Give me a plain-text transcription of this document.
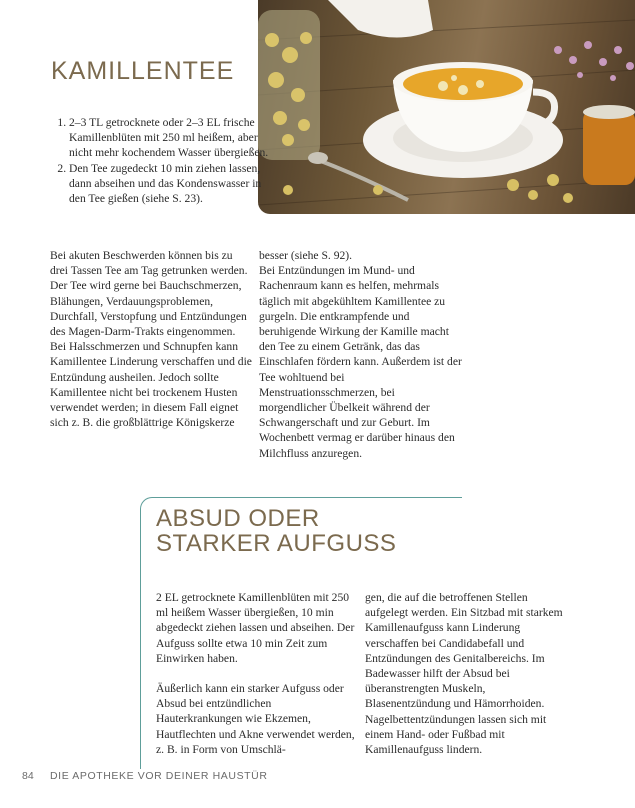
KAMILLENTEE
1. 2–3 TL getrocknete oder 2–3 EL frische Kamillenblüten mit 250 ml heißem, aber nicht mehr kochendem Wasser übergießen.
2. Den Tee zugedeckt 10 min ziehen lassen, dann abseihen und das Kondenswasser in den Tee gießen (siehe S. 23).

Bei akuten Beschwerden können bis zu drei Tassen Tee am Tag getrunken werden. Der Tee wird gerne bei Bauchschmerzen, Blähungen, Verdauungsproblemen, Durchfall, Verstopfung und Entzündungen des Magen-Darm-Trakts eingenommen. Bei Halsschmerzen und Schnupfen kann Kamillentee Linderung verschaffen und die Entzündung ausheilen. Jedoch sollte Kamillentee nicht bei trockenem Husten verwendet werden; in diesem Fall eignet sich z. B. die großblättrige Königskerze

besser (siehe S. 92).

Bei Entzündungen im Mund- und Rachenraum kann es helfen, mehrmals täglich mit abgekühltem Kamillentee zu gurgeln. Die entkrampfende und beruhigende Wirkung der Kamille macht den Tee zu einem Getränk, das das Einschlafen fördern kann. Außerdem ist der Tee wohltuend bei Menstruationsschmerzen, bei morgendlicher Übelkeit während der Schwangerschaft und zur Geburt. Im Wochenbett vermag er darüber hinaus den Milchfluss anzuregen.

ABSUD ODER
STARKER AUFGUSS

2 EL getrocknete Kamillenblüten mit 250 ml heißem Wasser übergießen, 10 min abgedeckt ziehen lassen und abseihen. Der Aufguss sollte etwa 10 min Zeit zum Einwirken haben.

Äußerlich kann ein starker Aufguss oder Absud bei entzündlichen Hauterkrankungen wie Ekzemen, Hautflechten und Akne verwendet werden, z. B. in Form von Umschlä-

gen, die auf die betroffenen Stellen aufgelegt werden. Ein Sitzbad mit starkem Kamillenaufguss kann Linderung verschaffen bei Candidabefall und Entzündungen des Genitalbereichs. Im Badewasser hilft der Absud bei überanstrengten Muskeln, Blasenentzündung und Hämorrhoiden. Nagelbettentzündungen lassen sich mit einem Hand- oder Fußbad mit Kamillenaufguss lindern.

84 DIE APOTHEKE VOR DEINER HAUSTÜR
